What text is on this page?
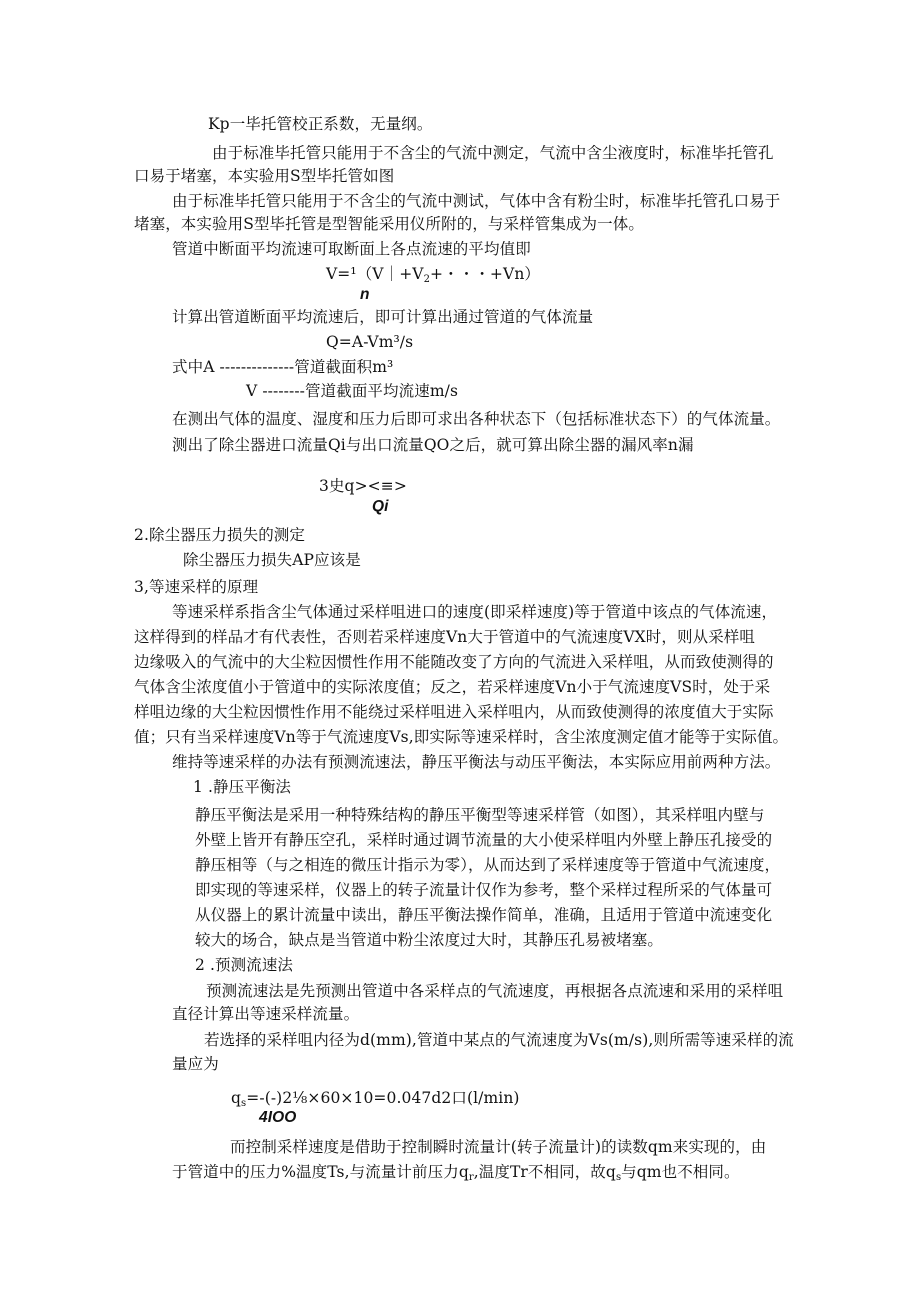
Kp一毕托管校正系数，无量纲。
由于标准毕托管只能用于不含尘的气流中测定，气流中含尘液度时，标准毕托管孔
口易于堵塞，本实验用S型毕托管如图
由于标准毕托管只能用于不含尘的气流中测试，气体中含有粉尘时，标准毕托管孔口易于
堵塞，本实验用S型毕托管是型智能采用仪所附的，与采样管集成为一体。
管道中断面平均流速可取断面上各点流速的平均值即
$V=^1(V|+V_2+$・・・+Vn）
n
计算出管道断面平均流速后，即可计算出通过管道的气体流量
Q=A-Vm³∕s
式中A --------------管道截面积m³
V --------管道截面平均流速m/s
在测出气体的温度、湿度和压力后即可求出各种状态下（包括标准状态下）的气体流量。
测出了除尘器进口流量Qi与出口流量QO之后，就可算出除尘器的漏风率n漏
3史q><≡>
Qi
2.除尘器压力损失的测定
除尘器压力损失AP应该是
3,等速采样的原理
等速采样系指含尘气体通过采样咀进口的速度(即采样速度)等于管道中该点的气体流速，
这样得到的样品才有代表性，否则若采样速度Vn大于管道中的气流速度VX时，则从采样咀
边缘吸入的气流中的大尘粒因惯性作用不能随改变了方向的气流进入采样咀，从而致使测得的
气体含尘浓度值小于管道中的实际浓度值；反之，若采样速度Vn小于气流速度VS时，处于采
样咀边缘的大尘粒因惯性作用不能绕过采样咀进入采样咀内，从而致使测得的浓度值大于实际
值；只有当采样速度Vn等于气流速度Vs,即实际等速采样时，含尘浓度测定值才能等于实际值。
维持等速采样的办法有预测流速法，静压平衡法与动压平衡法，本实际应用前两种方法。
1 .静压平衡法
静压平衡法是采用一种特殊结构的静压平衡型等速采样管（如图），其采样咀内壁与
外壁上皆开有静压空孔，采样时通过调节流量的大小使采样咀内外壁上静压孔接受的
静压相等（与之相连的微压计指示为零），从而达到了采样速度等于管道中气流速度，
即实现的等速采样，仪器上的转子流量计仅作为参考，整个采样过程所采的气体量可
从仪器上的累计流量中读出，静压平衡法操作简单，准确，且适用于管道中流速变化
较大的场合，缺点是当管道中粉尘浓度过大时，其静压孔易被堵塞。
2 .预测流速法
预测流速法是先预测出管道中各采样点的气流速度，再根据各点流速和采用的采样咀
直径计算出等速采样流量。
若选择的采样咀内径为d(mm),管道中某点的气流速度为Vs(m∕s),则所需等速采样的流
量应为
$q_s=-(-)2\frac{1}{8}\times 60\times 10=0.047d2$口(l/min)
4IOO
而控制采样速度是借助于控制瞬时流量计(转子流量计)的读数qm来实现的，由
于管道中的压力%温度Ts,与流量计前压力$q_r$,温度Tr不相同，故$q_s$与qm也不相同。
